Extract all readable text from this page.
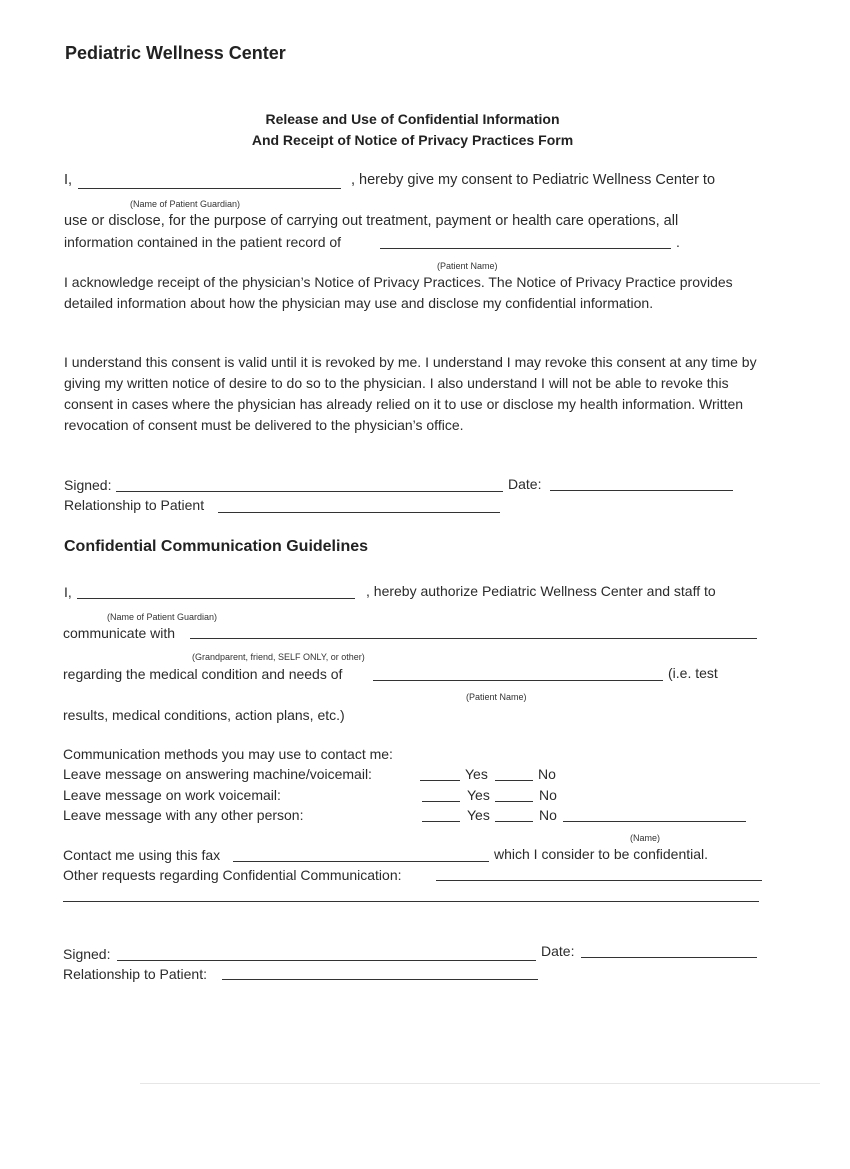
Pediatric Wellness Center
Release and Use of Confidential Information
And Receipt of Notice of Privacy Practices Form
I,	, hereby give my consent to Pediatric Wellness Center to
(Name of Patient Guardian)
use or disclose, for the purpose of carrying out treatment, payment or health care operations, all
information contained in the patient record of	.
(Patient Name)
I acknowledge receipt of the physician’s Notice of Privacy Practices. The Notice of Privacy Practice provides detailed information about how the physician may use and disclose my confidential information.
I understand this consent is valid until it is revoked by me. I understand I may revoke this consent at any time by giving my written notice of desire to do so to the physician. I also understand I will not be able to revoke this consent in cases where the physician has already relied on it to use or disclose my health information. Written revocation of consent must be delivered to the physician’s office.
Signed:	Date:
Relationship to Patient
Confidential Communication Guidelines
I,	, hereby authorize Pediatric Wellness Center and staff to
(Name of Patient Guardian)
communicate with
(Grandparent, friend, SELF ONLY, or other)
regarding the medical condition and needs of	(i.e. test
(Patient Name)
results, medical conditions, action plans, etc.)
Communication methods you may use to contact me:
Leave message on answering machine/voicemail:	Yes	No
Leave message on work voicemail:	Yes	No
Leave message with any other person:	Yes	No
(Name)
Contact me using this fax	which I consider to be confidential.
Other requests regarding Confidential Communication:
Signed:	Date:
Relationship to Patient:
